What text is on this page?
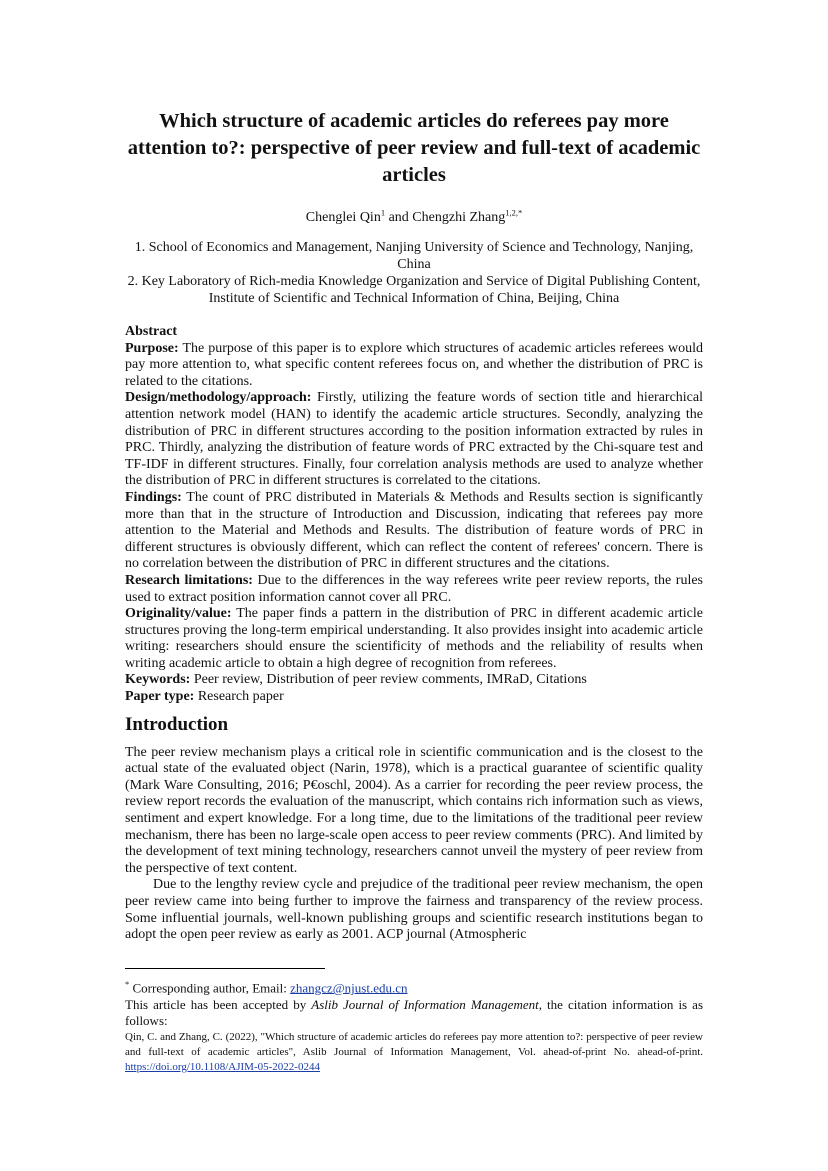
Which structure of academic articles do referees pay more attention to?: perspective of peer review and full-text of academic articles
Chenglei Qin$^1$ and Chengzhi Zhang$^{1,2,*}$
1. School of Economics and Management, Nanjing University of Science and Technology, Nanjing, China
2. Key Laboratory of Rich-media Knowledge Organization and Service of Digital Publishing Content, Institute of Scientific and Technical Information of China, Beijing, China

Abstract

Purpose: The purpose of this paper is to explore which structures of academic articles referees would pay more attention to, what specific content referees focus on, and whether the distribution of PRC is related to the citations.

Design/methodology/approach: Firstly, utilizing the feature words of section title and hierarchical attention network model (HAN) to identify the academic article structures. Secondly, analyzing the distribution of PRC in different structures according to the position information extracted by rules in PRC. Thirdly, analyzing the distribution of feature words of PRC extracted by the Chi-square test and TF-IDF in different structures. Finally, four correlation analysis methods are used to analyze whether the distribution of PRC in different structures is correlated to the citations.

Findings: The count of PRC distributed in Materials & Methods and Results section is significantly more than that in the structure of Introduction and Discussion, indicating that referees pay more attention to the Material and Methods and Results. The distribution of feature words of PRC in different structures is obviously different, which can reflect the content of referees' concern. There is no correlation between the distribution of PRC in different structures and the citations.

Research limitations: Due to the differences in the way referees write peer review reports, the rules used to extract position information cannot cover all PRC.

Originality/value: The paper finds a pattern in the distribution of PRC in different academic article structures proving the long-term empirical understanding. It also provides insight into academic article writing: researchers should ensure the scientificity of methods and the reliability of results when writing academic article to obtain a high degree of recognition from referees.

Keywords: Peer review, Distribution of peer review comments, IMRaD, Citations

Paper type: Research paper

Introduction

The peer review mechanism plays a critical role in scientific communication and is the closest to the actual state of the evaluated object (Narin, 1978), which is a practical guarantee of scientific quality (Mark Ware Consulting, 2016; P€oschl, 2004). As a carrier for recording the peer review process, the review report records the evaluation of the manuscript, which contains rich information such as views, sentiment and expert knowledge. For a long time, due to the limitations of the traditional peer review mechanism, there has been no large-scale open access to peer review comments (PRC). And limited by the development of text mining technology, researchers cannot unveil the mystery of peer review from the perspective of text content.

Due to the lengthy review cycle and prejudice of the traditional peer review mechanism, the open peer review came into being further to improve the fairness and transparency of the review process. Some influential journals, well-known publishing groups and scientific research institutions began to adopt the open peer review as early as 2001. ACP journal (Atmospheric

* Corresponding author, Email: zhangcz@njust.edu.cn

This article has been accepted by Aslib Journal of Information Management, the citation information is as follows:

Qin, C. and Zhang, C. (2022), "Which structure of academic articles do referees pay more attention to?: perspective of peer review and full-text of academic articles", Aslib Journal of Information Management, Vol. ahead-of-print No. ahead-of-print. https://doi.org/10.1108/AJIM-05-2022-0244
